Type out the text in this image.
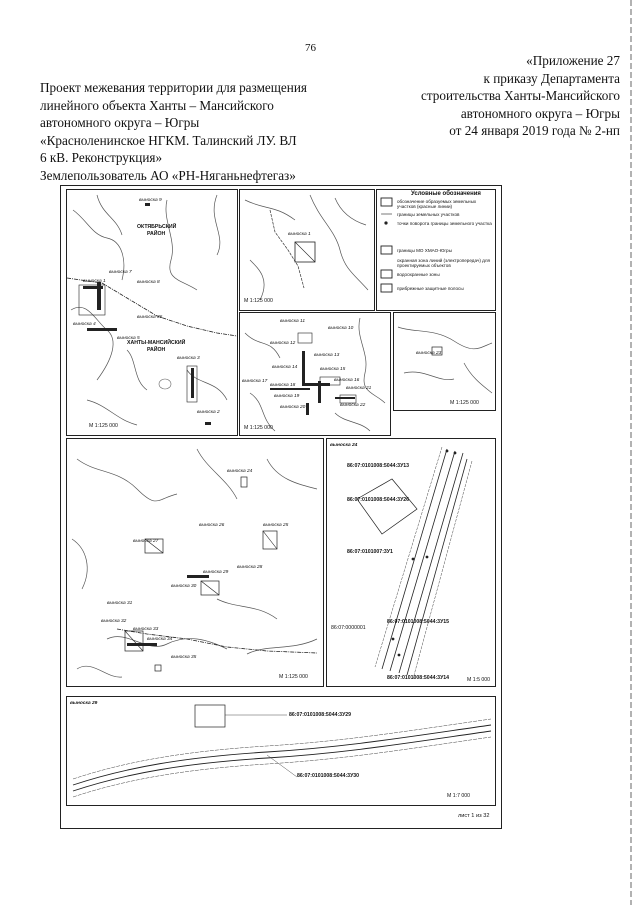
76
«Приложение 27
к приказу Департамента
строительства Ханты-Мансийского
автономного округа – Югры
от 24 января 2019 года № 2-нп
Проект межевания территории для размещения
линейного объекта Ханты – Мансийского
автономного округа – Югры
«Красноленинское НГКМ. Талинский ЛУ. ВЛ
6 кВ. Реконструкция»
Землепользователь АО «РН-Няганьнефтегаз»
выноска 9
выноска 7
выноска 8
выноска 1
выноска 36
выноска 4
выноска 5
выноска 3
выноска 2
ОКТЯБРЬСКИЙ
РАЙОН
ХАНТЫ-МАНСИЙСКИЙ
РАЙОН
М 1:125 000
выноска 1
М 1:125 000
Условные обозначения
обозначение образуемых земельных участков (красные линии)
границы земельных участков
точки поворота границы земельного участка
границы МО ХМАО-Югры
охранная зона линий (электропередач) для проектируемых объектов
водоохранные зоны
прибрежные защитные полосы
выноска 11
выноска 10
выноска 12
выноска 13
выноска 14	выноска 15
выноска 16
выноска 17
выноска 18
выноска 21
выноска 19
выноска 20	выноска 22
М 1:125 000
выноска 23
М 1:125 000
выноска 24
выноска 26	выноска 25
выноска 27
выноска 29
выноска 28
выноска 30
выноска 31
выноска 32
выноска 33
выноска 34
выноска 35
М 1:125 000
выноска 24
86:07:0101008:5044:3У13
86:07:0101008:5044:3У26
86:07:0101007:3У1
86:07:0101008:5044:3У15
86:07:0101008:5044:3У14
86:07:0000001
М 1:5 000
выноска 29
86:07:0101008:5044:3У29
86:07:0101008:5044:3У30
М 1:7 000
лист 1 из 32
